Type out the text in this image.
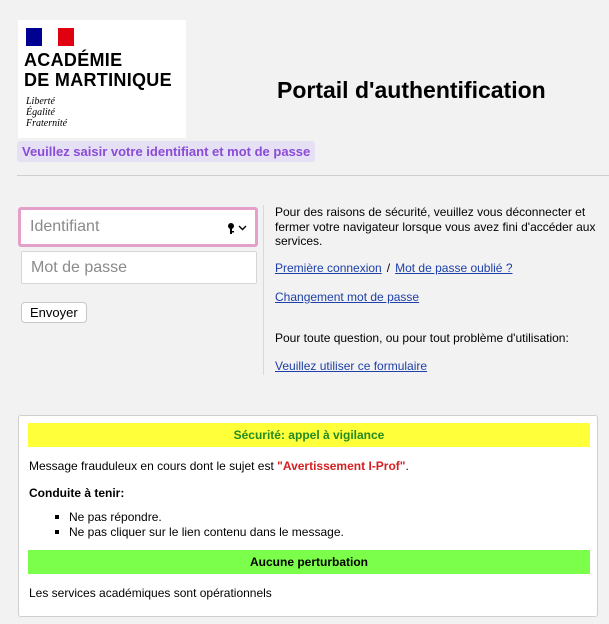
ACADÉMIE
DE MARTINIQUE
Liberté
Égalité
Fraternité
Portail d'authentification
Veuillez saisir votre identifiant et mot de passe
Identifiant
Envoyer
Pour des raisons de sécurité, veuillez vous déconnecter et fermer votre navigateur lorsque vous avez fini d'accéder aux services.
Première connexion / Mot de passe oublié ?
Changement mot de passe
Pour toute question, ou pour tout problème d'utilisation:
Veuillez utiliser ce formulaire
Sécurité: appel à vigilance
Message frauduleux en cours dont le sujet est "Avertissement I-Prof".
Conduite à tenir:
Ne pas répondre.
Ne pas cliquer sur le lien contenu dans le message.
Aucune perturbation
Les services académiques sont opérationnels
